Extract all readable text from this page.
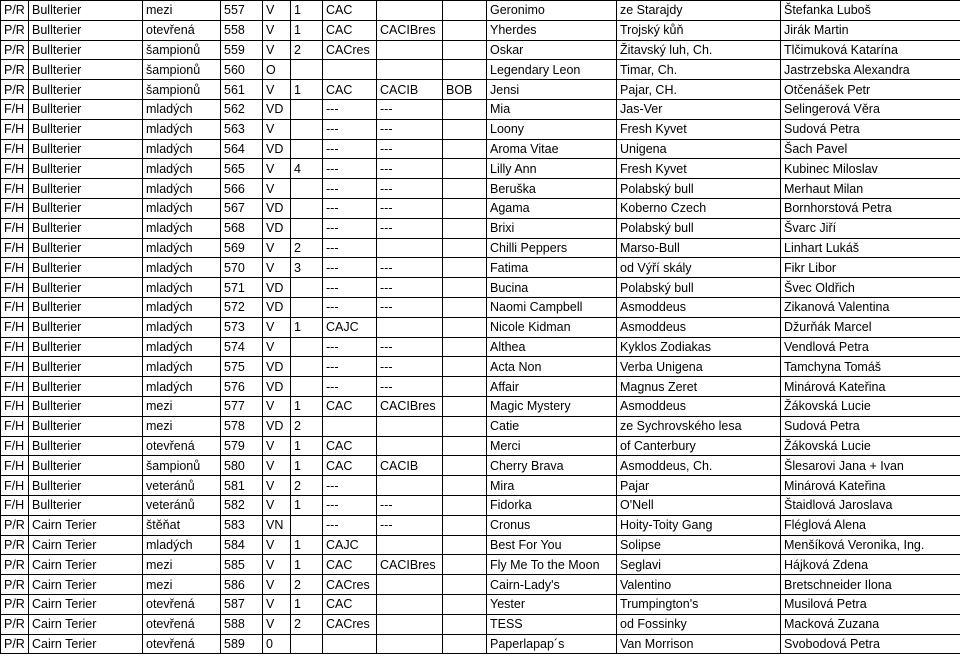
P/R	Bullterier	mezi	557	V	1	CAC			Geronimo	ze Starajdy	Štefanka Luboš
P/R	Bullterier	otevřená	558	V	1	CAC	CACIBres		Yherdes	Trojský kůň	Jirák Martin
P/R	Bullterier	šampionů	559	V	2	CACres			Oskar	Žitavský luh, Ch.	Tlčimuková Katarína
P/R	Bullterier	šampionů	560	O					Legendary Leon	Timar, Ch.	Jastrzebska Alexandra
P/R	Bullterier	šampionů	561	V	1	CAC	CACIB	BOB	Jensi	Pajar, CH.	Otčenášek Petr
F/H	Bullterier	mladých	562	VD		---	---		Mia	Jas-Ver	Selingerová Věra
F/H	Bullterier	mladých	563	V		---	---		Loony	Fresh Kyvet	Sudová Petra
F/H	Bullterier	mladých	564	VD		---	---		Aroma Vitae	Unigena	Šach Pavel
F/H	Bullterier	mladých	565	V	4	---	---		Lilly Ann	Fresh Kyvet	Kubinec Miloslav
F/H	Bullterier	mladých	566	V		---	---		Beruška	Polabský bull	Merhaut Milan
F/H	Bullterier	mladých	567	VD		---	---		Agama	Koberno Czech	Bornhorstová Petra
F/H	Bullterier	mladých	568	VD		---	---		Brixi	Polabský bull	Švarc Jiří
F/H	Bullterier	mladých	569	V	2	---			Chilli Peppers	Marso-Bull	Linhart Lukáš
F/H	Bullterier	mladých	570	V	3	---	---		Fatima	od Výří skály	Fikr Libor
F/H	Bullterier	mladých	571	VD		---	---		Bucina	Polabský bull	Švec Oldřich
F/H	Bullterier	mladých	572	VD		---	---		Naomi Campbell	Asmoddeus	Zikanová Valentina
F/H	Bullterier	mladých	573	V	1	CAJC			Nicole Kidman	Asmoddeus	Džurňák Marcel
F/H	Bullterier	mladých	574	V		---	---		Althea	Kyklos Zodiakas	Vendlová Petra
F/H	Bullterier	mladých	575	VD		---	---		Acta Non	Verba Unigena	Tamchyna Tomáš
F/H	Bullterier	mladých	576	VD		---	---		Affair	Magnus Zeret	Minárová Kateřina
F/H	Bullterier	mezi	577	V	1	CAC	CACIBres		Magic Mystery	Asmoddeus	Žákovská Lucie
F/H	Bullterier	mezi	578	VD	2				Catie	ze Sychrovského lesa	Sudová Petra
F/H	Bullterier	otevřená	579	V	1	CAC			Merci	of Canterbury	Žákovská Lucie
F/H	Bullterier	šampionů	580	V	1	CAC	CACIB		Cherry Brava	Asmoddeus, Ch.	Šlesarovi Jana + Ivan
F/H	Bullterier	veteránů	581	V	2	---			Mira	Pajar	Minárová Kateřina
F/H	Bullterier	veteránů	582	V	1	---	---		Fidorka	O'Nell	Štaidlová Jaroslava
P/R	Cairn Terier	štěňat	583	VN		---	---		Cronus	Hoity-Toity Gang	Fléglová Alena
P/R	Cairn Terier	mladých	584	V	1	CAJC			Best For You	Solipse	Menšíková Veronika, Ing.
P/R	Cairn Terier	mezi	585	V	1	CAC	CACIBres		Fly Me To the Moon	Seglavi	Hájková Zdena
P/R	Cairn Terier	mezi	586	V	2	CACres			Cairn-Lady's	Valentino	Bretschneider Ilona
P/R	Cairn Terier	otevřená	587	V	1	CAC			Yester	Trumpington's	Musilová Petra
P/R	Cairn Terier	otevřená	588	V	2	CACres			TESS	od Fossinky	Macková Zuzana
P/R	Cairn Terier	otevřená	589	0					Paperlapap´s	Van Morrison	Svobodová Petra
